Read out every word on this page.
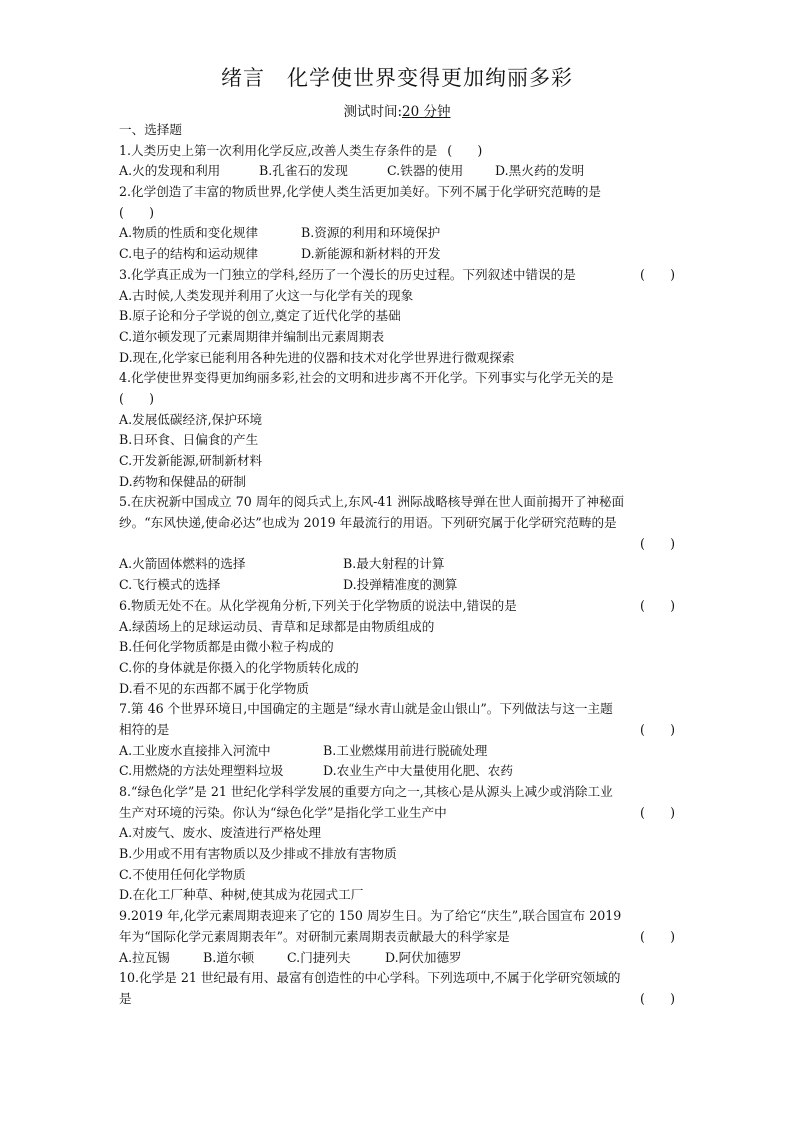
绪言 化学使世界变得更加绚丽多彩
测试时间:20 分钟
一、选择题
1.人类历史上第一次利用化学反应,改善人类生存条件的是 (　　)
A.火的发现和利用	B.孔雀石的发现	C.铁器的使用	D.黑火药的发明
2.化学创造了丰富的物质世界,化学使人类生活更加美好。下列不属于化学研究范畴的是
(　　)
A.物质的性质和变化规律	B.资源的利用和环境保护
C.电子的结构和运动规律	D.新能源和新材料的开发
3.化学真正成为一门独立的学科,经历了一个漫长的历史过程。下列叙述中错误的是	(　　)
A.古时候,人类发现并利用了火这一与化学有关的现象
B.原子论和分子学说的创立,奠定了近代化学的基础
C.道尔顿发现了元素周期律并编制出元素周期表
D.现在,化学家已能利用各种先进的仪器和技术对化学世界进行微观探索
4.化学使世界变得更加绚丽多彩,社会的文明和进步离不开化学。下列事实与化学无关的是
(　　)
A.发展低碳经济,保护环境
B.日环食、日偏食的产生
C.开发新能源,研制新材料
D.药物和保健品的研制
5.在庆祝新中国成立 70 周年的阅兵式上,东风-41 洲际战略核导弹在世人面前揭开了神秘面
纱。“东风快递,使命必达”也成为 2019 年最流行的用语。下列研究属于化学研究范畴的是
(　　)
A.火箭固体燃料的选择	B.最大射程的计算
C.飞行模式的选择	D.投弹精准度的测算
6.物质无处不在。从化学视角分析,下列关于化学物质的说法中,错误的是	(　　)
A.绿茵场上的足球运动员、青草和足球都是由物质组成的
B.任何化学物质都是由微小粒子构成的
C.你的身体就是你摄入的化学物质转化成的
D.看不见的东西都不属于化学物质
7.第 46 个世界环境日,中国确定的主题是“绿水青山就是金山银山”。下列做法与这一主题
相符的是	(　　)
A.工业废水直接排入河流中	B.工业燃煤用前进行脱硫处理
C.用燃烧的方法处理塑料垃圾	D.农业生产中大量使用化肥、农药
8.“绿色化学”是 21 世纪化学科学发展的重要方向之一,其核心是从源头上减少或消除工业
生产对环境的污染。你认为“绿色化学”是指化学工业生产中	(　　)
A.对废气、废水、废渣进行严格处理
B.少用或不用有害物质以及少排或不排放有害物质
C.不使用任何化学物质
D.在化工厂种草、种树,使其成为花园式工厂
9.2019 年,化学元素周期表迎来了它的 150 周岁生日。为了给它“庆生”,联合国宣布 2019
年为“国际化学元素周期表年”。对研制元素周期表贡献最大的科学家是	(　　)
A.拉瓦锡	B.道尔顿	C.门捷列夫	D.阿伏加德罗
10.化学是 21 世纪最有用、最富有创造性的中心学科。下列选项中,不属于化学研究领域的
是	(　　)
